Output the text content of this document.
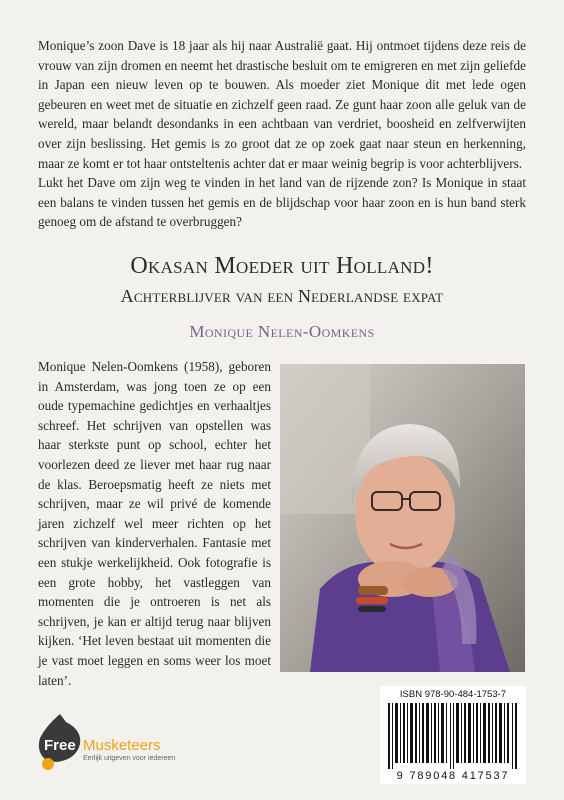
Monique’s zoon Dave is 18 jaar als hij naar Australië gaat. Hij ontmoet tijdens deze reis de vrouw van zijn dromen en neemt het drastische besluit om te emigreren en met zijn geliefde in Japan een nieuw leven op te bouwen. Als moeder ziet Monique dit met lede ogen gebeuren en weet met de situatie en zichzelf geen raad. Ze gunt haar zoon alle geluk van de wereld, maar belandt desondanks in een achtbaan van verdriet, boosheid en zelfverwijten over zijn beslissing. Het gemis is zo groot dat ze op zoek gaat naar steun en herkenning, maar ze komt er tot haar ontsteltenis achter dat er maar weinig begrip is voor achterblijvers.

Lukt het Dave om zijn weg te vinden in het land van de rijzende zon? Is Monique in staat een balans te vinden tussen het gemis en de blijdschap voor haar zoon en is hun band sterk genoeg om de afstand te overbruggen?

Okasan Moeder uit Holland!
Achterblijver van een Nederlandse expat
Monique Nelen-Oomkens
Monique Nelen-Oomkens (1958), geboren in Amsterdam, was jong toen ze op een oude typemachine gedichtjes en verhaaltjes schreef. Het schrijven van opstellen was haar sterkste punt op school, echter het voorlezen deed ze liever met haar rug naar de klas. Beroepsmatig heeft ze niets met schrijven, maar ze wil privé de komende jaren zichzelf wel meer richten op het schrijven van kinderverhalen. Fantasie met een stukje werkelijkheid. Ook fotografie is een grote hobby, het vastleggen van momenten die je ontroeren is net als schrijven, je kan er altijd terug naar blijven kijken. ‘Het leven bestaat uit momenten die je vast moet leggen en soms weer los moet laten’.
ISBN 978-90-484-1753-7
9 789048 417537
Free Musketeers
Eerlijk uitgeven voor iedereen
